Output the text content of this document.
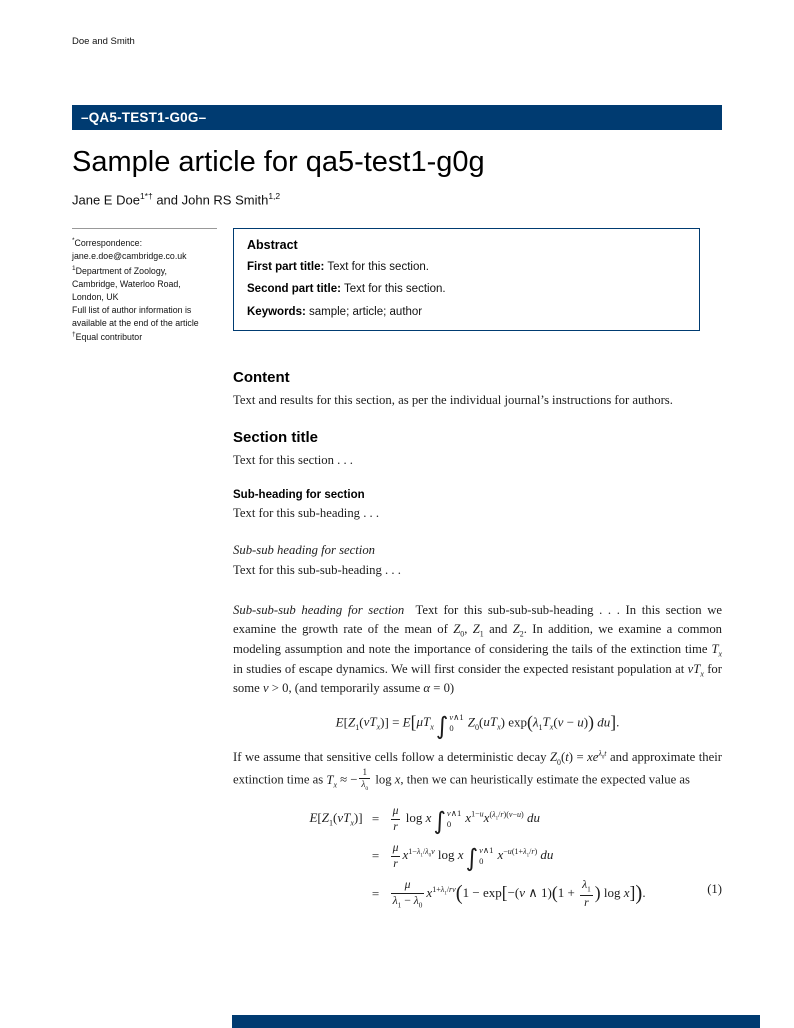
Doe and Smith
–QA5-TEST1-G0G–
Sample article for qa5-test1-g0g
Jane E Doe$^{1*\dagger}$ and John RS Smith$^{1,2}$
*Correspondence:
jane.e.doe@cambridge.co.uk
$^1$Department of Zoology,
Cambridge, Waterloo Road,
London, UK
Full list of author information is
available at the end of the article
†Equal contributor
Abstract

First part title: Text for this section.

Second part title: Text for this section.

Keywords: sample; article; author

Content

Text and results for this section, as per the individual journal’s instructions for authors.

Section title

Text for this section . . .

Sub-heading for section

Text for this sub-heading . . .

Sub-sub heading for section

Text for this sub-sub-heading . . .

Sub-sub-sub heading for section Text for this sub-sub-sub-heading . . . In this section we examine the growth rate of the mean of $Z_0$, $Z_1$ and $Z_2$. In addition, we examine a common modeling assumption and note the importance of considering the tails of the extinction time $T_x$ in studies of escape dynamics. We will first consider the expected resistant population at $vT_x$ for some v > 0, (and temporarily assume α = 0)

$E[Z_1(vT_x)] = E[\mu T_x\int$ v∧1
0	$Z_0(uT_x) \exp(\lambda_1T_x(v - u))$ du].

If we assume that sensitive cells follow a deterministic decay $Z_0(t) = xe^{\lambda_0t}$ and approximate their extinction time as $T_x$ ≈ − $\frac{1}{\lambda_0}$ log x, then we can heuristically estimate the expected value as

$E[Z_1(vT_x)] = \frac{\mu}{r}$ log x∫ v∧1
0	$x^{1-u}x^{(\lambda_1/r)(v-u)}$ du
= $\frac{\mu}{r} x^{1-\lambda_1/\lambda_0v}$ log x∫ v∧1
0	$x^{-u(1+\lambda_1/r)}$ du
= $\frac{\mu}{\lambda_1 - \lambda_0} x^{1+\lambda_1/rv}(1 - \exp[-(v$ ∧ $1)(1 + \frac{\lambda_1}{r}$ ) log x]).	(1)
